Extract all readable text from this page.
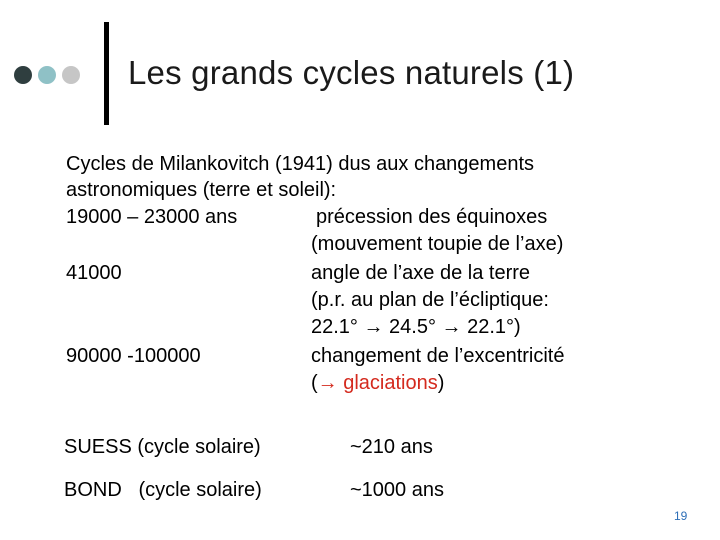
Les grands cycles naturels (1)
Cycles de Milankovitch (1941) dus aux changements
astronomiques (terre et soleil):
19000 – 23000 ans	précession des équinoxes
(mouvement toupie de l’axe)
41000	angle de l’axe de la terre
(p.r. au plan de l’écliptique:
22.1° → 24.5° → 22.1°)
90000 -100000	changement de l’excentricité
(→ glaciations)
SUESS (cycle solaire)	~210 ans
BOND   (cycle solaire)	~1000 ans
19
